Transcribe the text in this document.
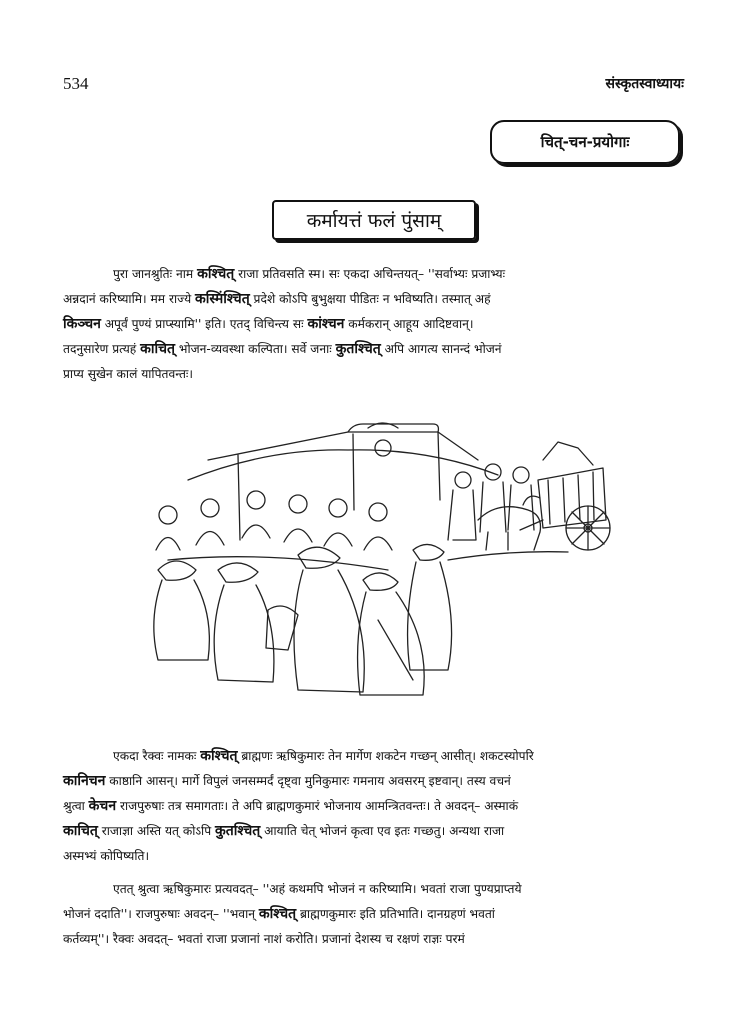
534	संस्कृतस्वाध्यायः
चित्-चन-प्रयोगाः
कर्मायत्तं फलं पुंसाम्

पुरा जानश्रुतिः नाम कश्चित् राजा प्रतिवसति स्म। सः एकदा अचिन्तयत्– ''सर्वाभ्यः प्रजाभ्यः
अन्नदानं करिष्यामि। मम राज्ये कस्मिंश्चित् प्रदेशे कोऽपि बुभुक्षया पीडितः न भविष्यति। तस्मात् अहं
किञ्चन अपूर्वं पुण्यं प्राप्स्यामि'' इति। एतद् विचिन्त्य सः कांश्चन कर्मकरान् आहूय आदिष्टवान्।
तदनुसारेण प्रत्यहं काचित् भोजन-व्यवस्था कल्पिता। सर्वे जनाः कुतश्चित् अपि आगत्य सानन्दं भोजनं
प्राप्य सुखेन कालं यापितवन्तः।

एकदा रैक्वः नामकः कश्चित् ब्राह्मणः ऋषिकुमारः तेन मार्गेण शकटेन गच्छन् आसीत्। शकटस्योपरि
कानिचन काष्ठानि आसन्। मार्गे विपुलं जनसम्मर्दं दृष्ट्वा मुनिकुमारः गमनाय अवसरम् इष्टवान्। तस्य वचनं
श्रुत्वा केचन राजपुरुषाः तत्र समागताः। ते अपि ब्राह्मणकुमारं भोजनाय आमन्त्रितवन्तः। ते अवदन्– अस्माकं
काचित् राजाज्ञा अस्ति यत् कोऽपि कुतश्चित् आयाति चेत् भोजनं कृत्वा एव इतः गच्छतु। अन्यथा राजा
अस्मभ्यं कोपिष्यति।

एतत् श्रुत्वा ऋषिकुमारः प्रत्यवदत्– ''अहं कथमपि भोजनं न करिष्यामि। भवतां राजा पुण्यप्राप्तये
भोजनं ददाति''। राजपुरुषाः अवदन्– ''भवान् कश्चित् ब्राह्मणकुमारः इति प्रतिभाति। दानग्रहणं भवतां
कर्तव्यम्''। रैक्वः अवदत्– भवतां राजा प्रजानां नाशं करोति। प्रजानां देशस्य च रक्षणं राज्ञः परमं
